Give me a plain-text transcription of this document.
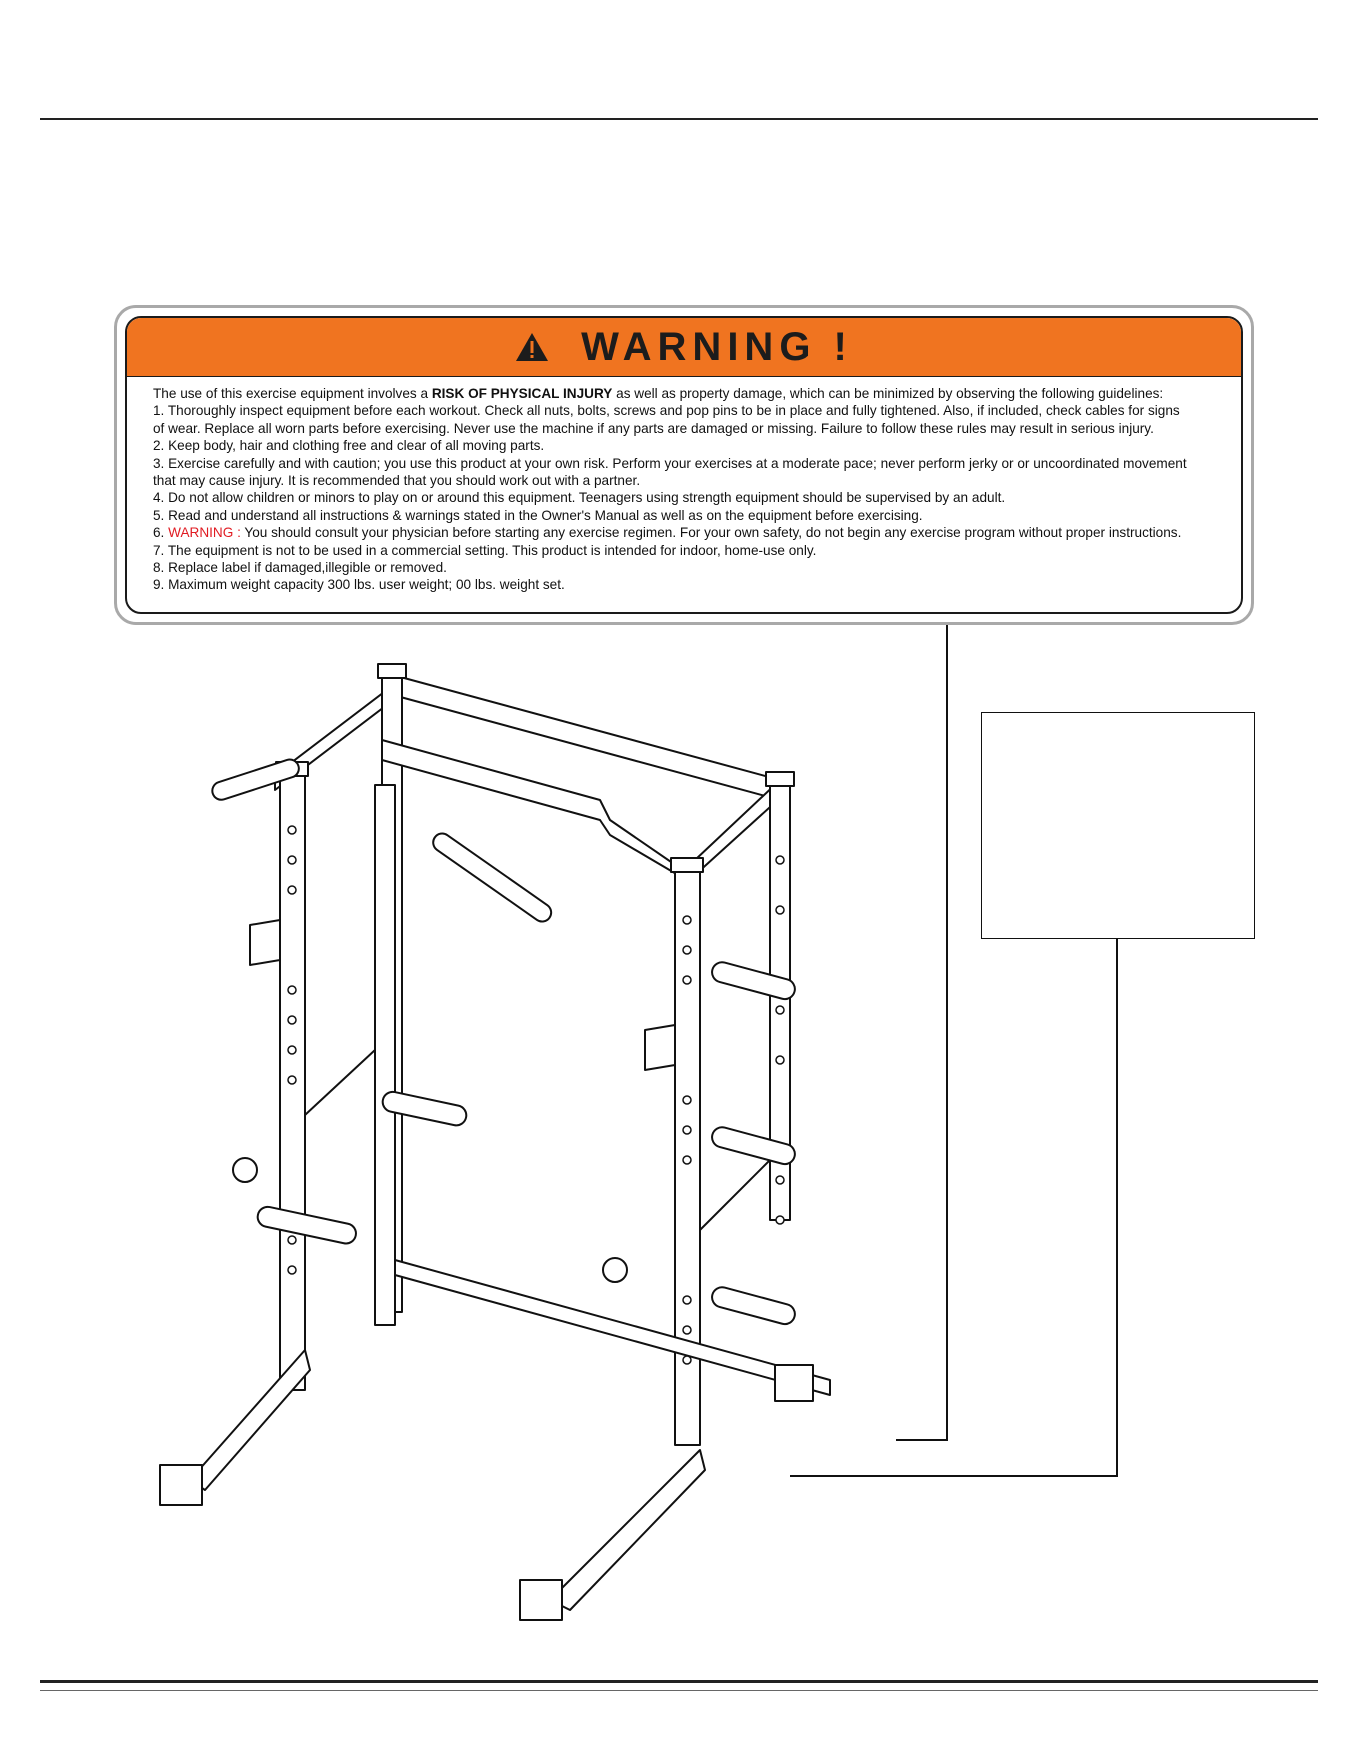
WARNING !

The use of this exercise equipment involves a RISK OF PHYSICAL INJURY as well as property damage, which can be minimized by observing the following guidelines:

1. Thoroughly inspect equipment before each workout. Check all nuts, bolts, screws and pop pins to be in place and fully tightened. Also, if included, check cables for signs

of wear. Replace all worn parts before exercising. Never use the machine if any parts are damaged or missing. Failure to follow these rules may result in serious injury.

2. Keep body, hair and clothing free and clear of all moving parts.

3. Exercise carefully and with caution; you use this product at your own risk. Perform your exercises at a moderate pace; never perform jerky or or uncoordinated movement

that may cause injury. It is recommended that you should work out with a partner.

4. Do not allow children or minors to play on or around this equipment. Teenagers using strength equipment should be supervised by an adult.

5. Read and understand all instructions & warnings stated in the Owner's Manual as well as on the equipment before exercising.

6. WARNING : You should consult your physician before starting any exercise regimen. For your own safety, do not begin any exercise program without proper instructions.

7. The equipment is not to be used in a commercial setting. This product is intended for indoor, home-use only.

8. Replace label if damaged,illegible or removed.

9. Maximum weight capacity 300 lbs. user weight; 00 lbs. weight set.
